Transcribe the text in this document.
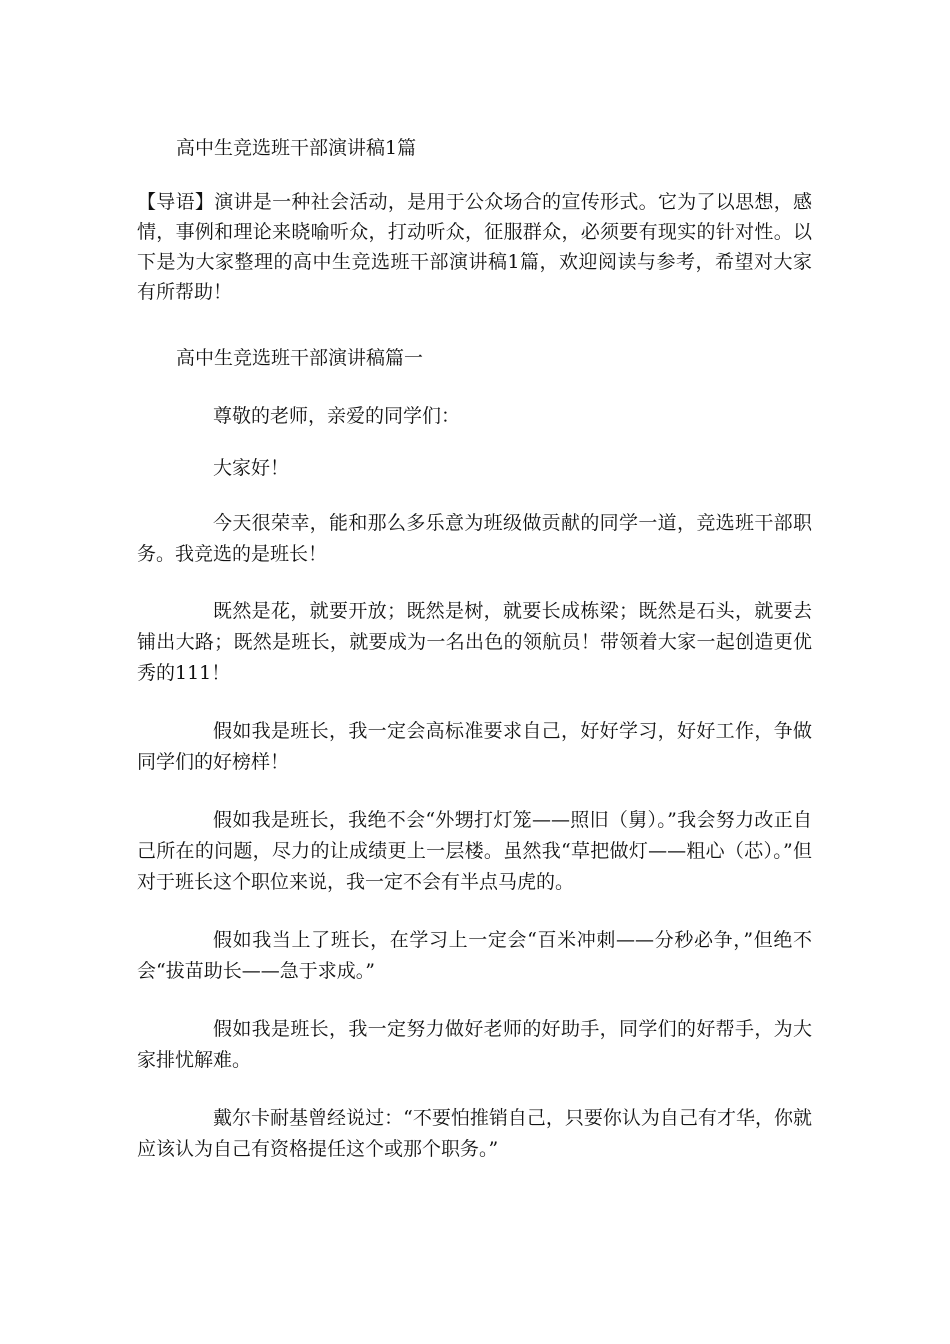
高中生竞选班干部演讲稿1篇

【导语】演讲是一种社会活动，是用于公众场合的宣传形式。它为了以思想，感情，事例和理论来晓喻听众，打动听众，征服群众，必须要有现实的针对性。以下是为大家整理的高中生竞选班干部演讲稿1篇，欢迎阅读与参考，希望对大家有所帮助！

高中生竞选班干部演讲稿篇一

尊敬的老师，亲爱的同学们：

大家好！

今天很荣幸，能和那么多乐意为班级做贡献的同学一道，竞选班干部职务。我竞选的是班长！

既然是花，就要开放；既然是树，就要长成栋梁；既然是石头，就要去铺出大路；既然是班长，就要成为一名出色的领航员！带领着大家一起创造更优秀的111！

假如我是班长，我一定会高标准要求自己，好好学习，好好工作，争做同学们的好榜样！

假如我是班长，我绝不会“外甥打灯笼——照旧（舅）。”我会努力改正自己所在的问题，尽力的让成绩更上一层楼。虽然我“草把做灯——粗心（芯）。”但对于班长这个职位来说，我一定不会有半点马虎的。

假如我当上了班长，在学习上一定会“百米冲刺——分秒必争，”但绝不会“拔苗助长——急于求成。”

假如我是班长，我一定努力做好老师的好助手，同学们的好帮手，为大家排忧解难。

戴尔卡耐基曾经说过：“不要怕推销自己，只要你认为自己有才华，你就应该认为自己有资格提任这个或那个职务。”
